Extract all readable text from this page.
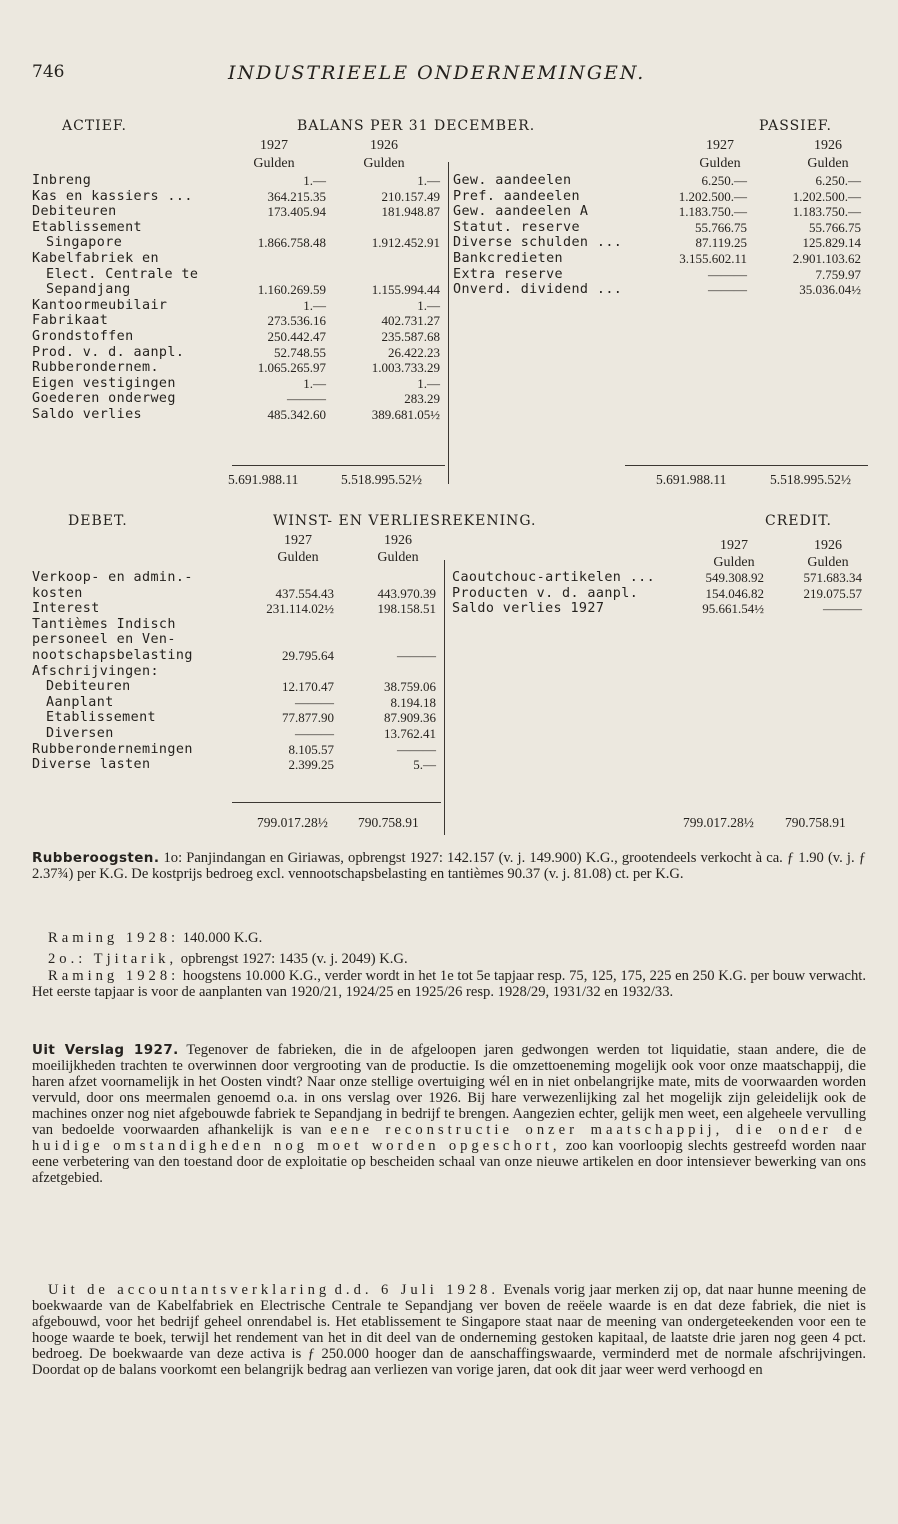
746	INDUSTRIEELE ONDERNEMINGEN.
ACTIEF.	BALANS PER 31 DECEMBER.	PASSIEF.
1927	1926
Gulden	Gulden
1927	1926
Gulden	Gulden
Inbreng	1.—	1.—
Kas en kassiers ...	364.215.35	210.157.49
Debiteuren	173.405.94	181.948.87
Etablissement		
Singapore	1.866.758.48	1.912.452.91
Kabelfabriek en		
Elect. Centrale te		
Sepandjang	1.160.269.59	1.155.994.44
Kantoormeubilair	1.—	1.—
Fabrikaat	273.536.16	402.731.27
Grondstoffen	250.442.47	235.587.68
Prod. v. d. aanpl.	52.748.55	26.422.23
Rubberondernem.	1.065.265.97	1.003.733.29
Eigen vestigingen	1.—	1.—
Goederen onderweg	———	283.29
Saldo verlies	485.342.60	389.681.05½
Gew. aandeelen	6.250.—	6.250.—
Pref. aandeelen	1.202.500.—	1.202.500.—
Gew. aandeelen A	1.183.750.—	1.183.750.—
Statut. reserve	55.766.75	55.766.75
Diverse schulden ...	87.119.25	125.829.14
Bankcredieten	3.155.602.11	2.901.103.62
Extra reserve	———	7.759.97
Onverd. dividend ...	———	35.036.04½
5.691.988.11	5.518.995.52½	5.691.988.11	5.518.995.52½
DEBET.	WINST- EN VERLIESREKENING.	CREDIT.
1927	1926
Gulden	Gulden
1927	1926
Gulden	Gulden
Verkoop- en admin.-		
kosten	437.554.43	443.970.39
Interest	231.114.02½	198.158.51
Tantièmes Indisch		
personeel en Ven-		
nootschapsbelasting	29.795.64	———
Afschrijvingen:		
Debiteuren	12.170.47	38.759.06
Aanplant	———	8.194.18
Etablissement	77.877.90	87.909.36
Diversen	———	13.762.41
Rubberondernemingen	8.105.57	———
Diverse lasten	2.399.25	5.—
Caoutchouc-artikelen ...	549.308.92	571.683.34
Producten v. d. aanpl.	154.046.82	219.075.57
Saldo verlies 1927	95.661.54½	———
799.017.28½ 790.758.91	799.017.28½ 790.758.91

Rubberoogsten. 1o: Panjindangan en Giriawas, opbrengst 1927: 142.157 (v. j. 149.900) K.G., grootendeels verkocht à ca. ƒ 1.90 (v. j. ƒ 2.37¾) per K.G. De kostprijs bedroeg excl. vennootschapsbelasting en tantièmes 90.37 (v. j. 81.08) ct. per K.G.

Raming 1928: 140.000 K.G.

2o.: Tjitarik, opbrengst 1927: 1435 (v. j. 2049) K.G.

Raming 1928: hoogstens 10.000 K.G., verder wordt in het 1e tot 5e tapjaar resp. 75, 125, 175, 225 en 250 K.G. per bouw verwacht. Het eerste tapjaar is voor de aanplanten van 1920/21, 1924/25 en 1925/26 resp. 1928/29, 1931/32 en 1932/33.

Uit Verslag 1927. Tegenover de fabrieken, die in de afgeloopen jaren gedwongen werden tot liquidatie, staan andere, die de moeilijkheden trachten te overwinnen door vergrooting van de productie. Is die omzettoeneming mogelijk ook voor onze maatschappij, die haren afzet voornamelijk in het Oosten vindt? Naar onze stellige overtuiging wél en in niet onbelangrijke mate, mits de voorwaarden worden vervuld, door ons meermalen genoemd o.a. in ons verslag over 1926. Bij hare verwezenlijking zal het mogelijk zijn geleidelijk ook de machines onzer nog niet afgebouwde fabriek te Sepandjang in bedrijf te brengen. Aangezien echter, gelijk men weet, een algeheele vervulling van bedoelde voorwaarden afhankelijk is van eene reconstructie onzer maatschappij, die onder de huidige omstandigheden nog moet worden opgeschort, zoo kan voorloopig slechts gestreefd worden naar eene verbetering van den toestand door de exploitatie op bescheiden schaal van onze nieuwe artikelen en door intensiever bewerking van ons afzetgebied.

Uit de accountantsverklaring d.d. 6 Juli 1928. Evenals vorig jaar merken zij op, dat naar hunne meening de boekwaarde van de Kabelfabriek en Electrische Centrale te Sepandjang ver boven de reëele waarde is en dat deze fabriek, die niet is afgebouwd, voor het bedrijf geheel onrendabel is. Het etablissement te Singapore staat naar de meening van ondergeteekenden voor een te hooge waarde te boek, terwijl het rendement van het in dit deel van de onderneming gestoken kapitaal, de laatste drie jaren nog geen 4 pct. bedroeg. De boekwaarde van deze activa is ƒ 250.000 hooger dan de aanschaffingswaarde, verminderd met de normale afschrijvingen. Doordat op de balans voorkomt een belangrijk bedrag aan verliezen van vorige jaren, dat ook dit jaar weer werd verhoogd en
